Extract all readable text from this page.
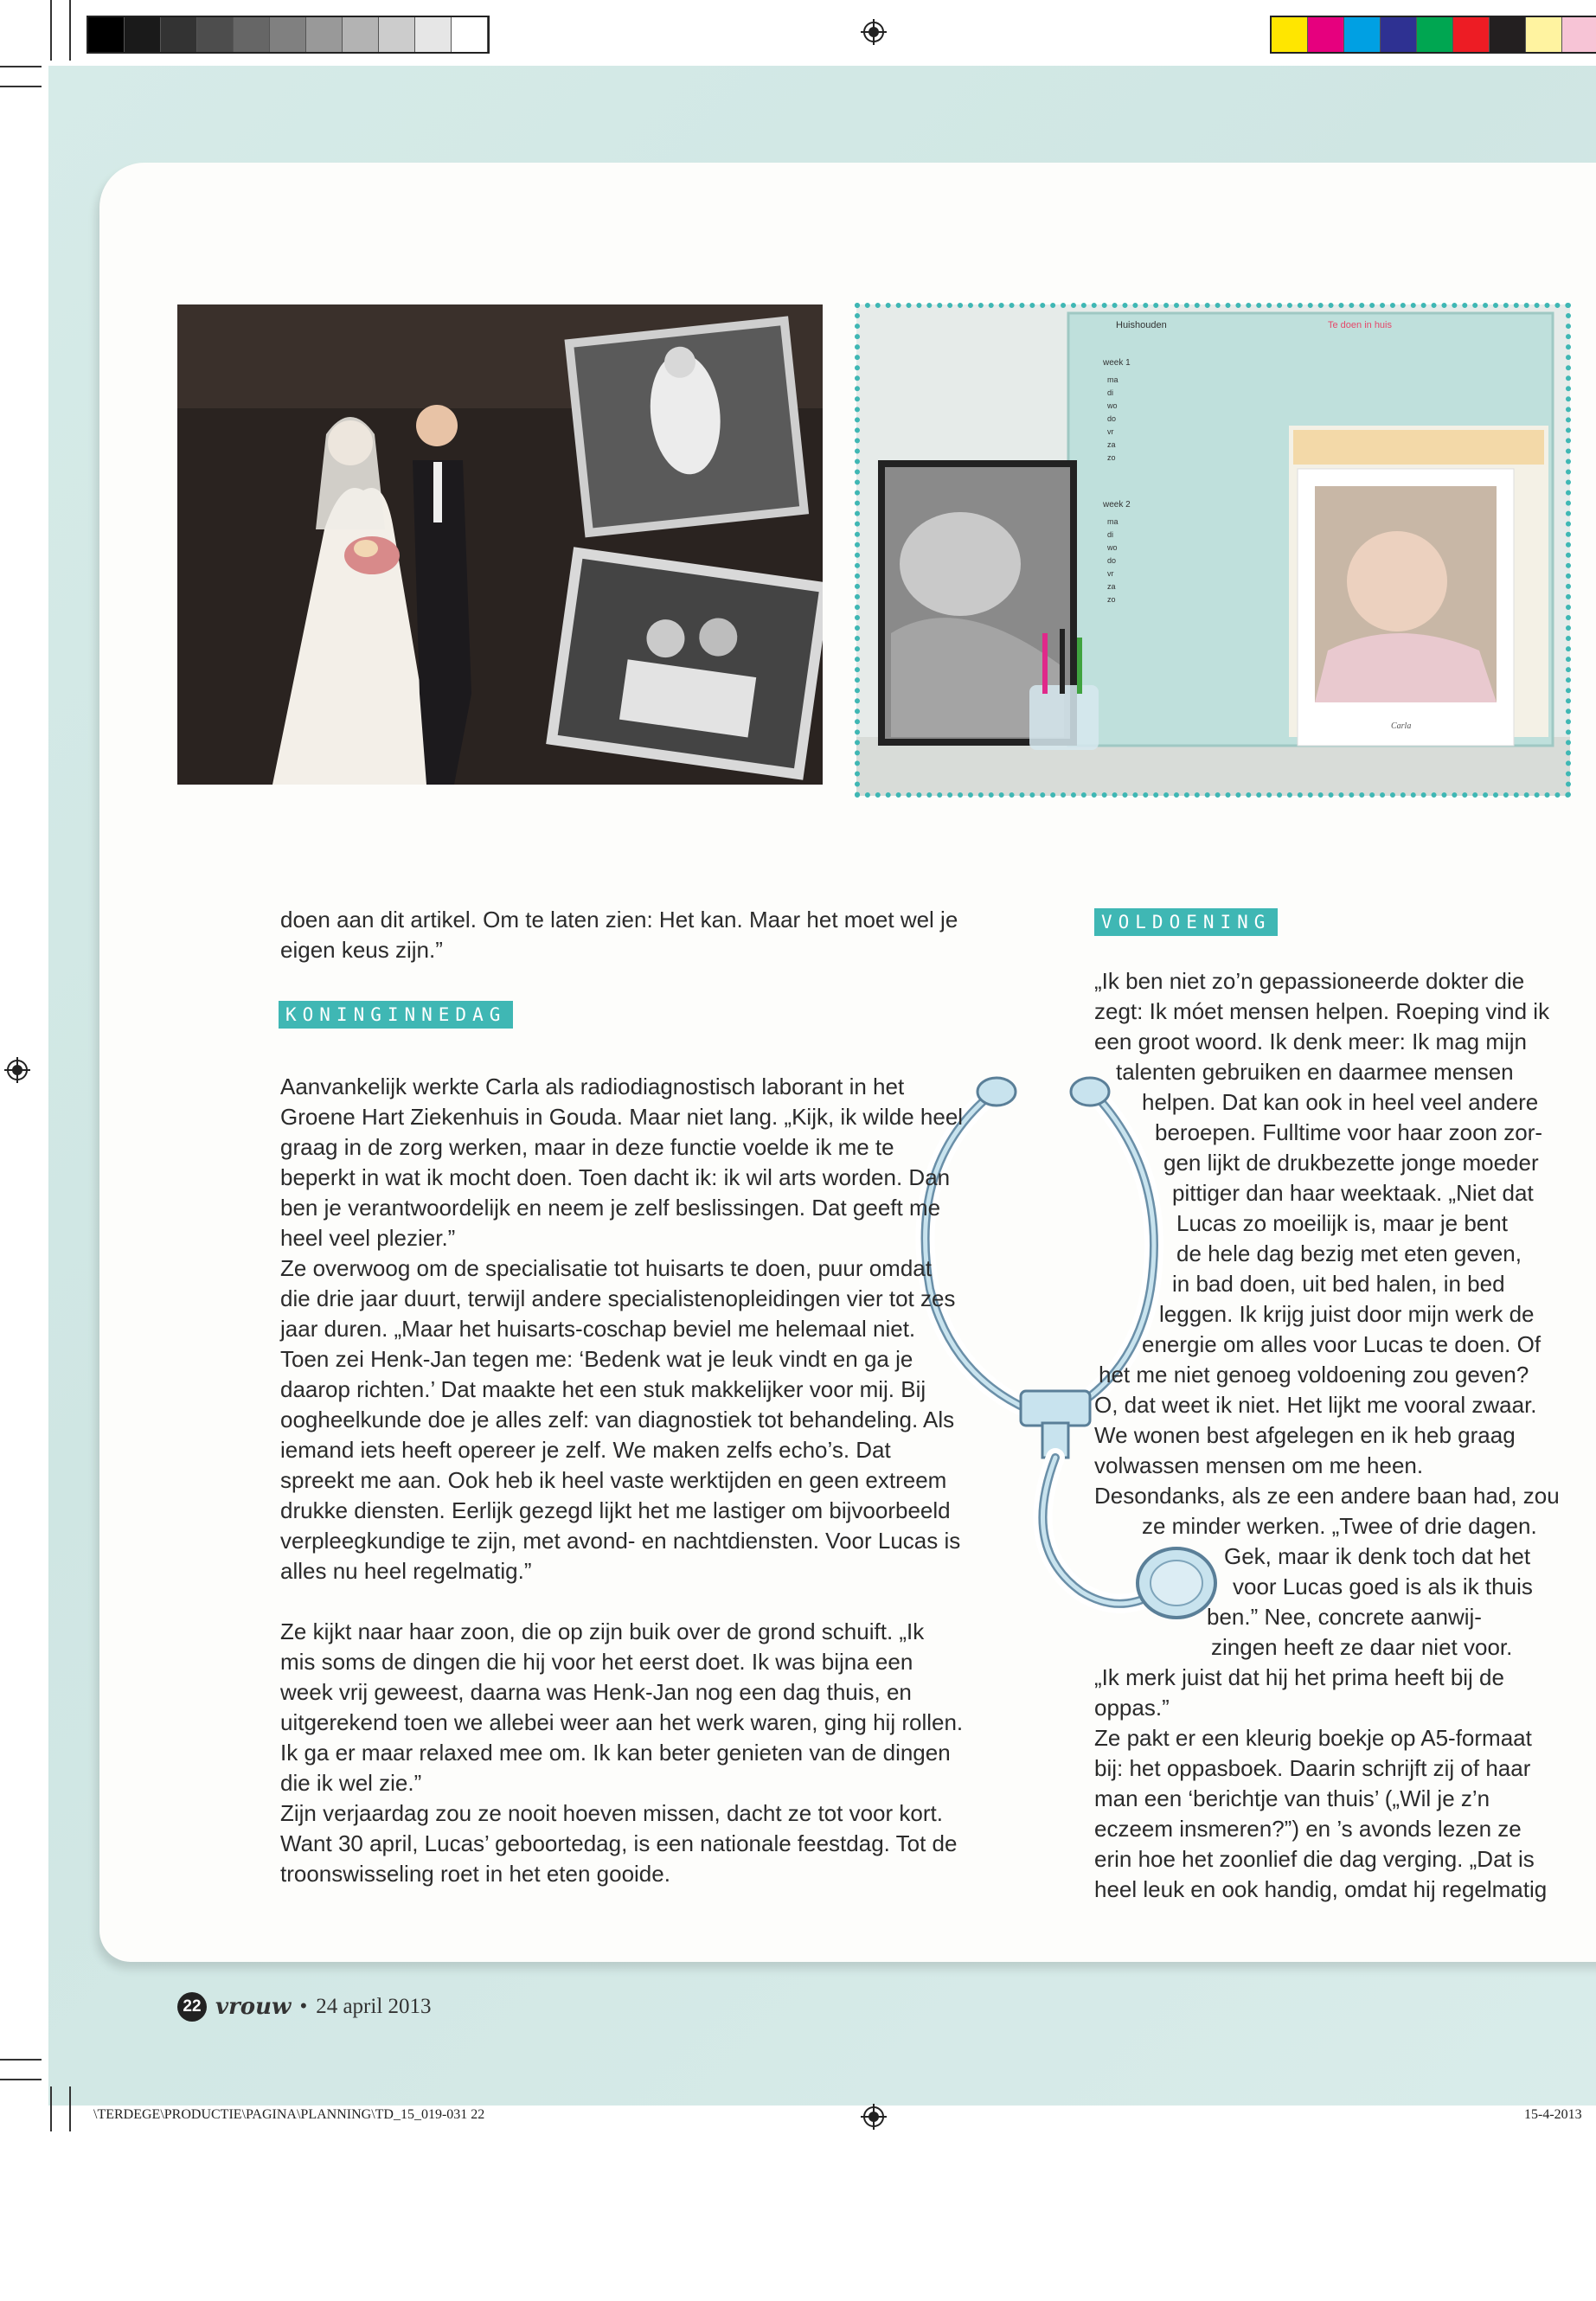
Huishouden	Te doen in huis
week 1
ma
di
wo
do
vr
za
zo
week 2
ma
di
wo
do
vr
za
zo
Carla

doen aan dit artikel. Om te laten zien: Het kan. Maar het moet wel je eigen keus zijn.”

Aanvankelijk werkte Carla als radiodiagnostisch laborant in het Groene Hart Ziekenhuis in Gouda. Maar niet lang. „Kijk, ik wilde heel graag in de zorg werken, maar in deze functie voelde ik me te beperkt in wat ik mocht doen. Toen dacht ik: ik wil arts worden. Dan ben je verantwoordelijk en neem je zelf beslissingen. Dat geeft me heel veel plezier.”

Ze overwoog om de specialisatie tot huisarts te doen, puur omdat die drie jaar duurt, terwijl andere specialistenopleidingen vier tot zes jaar duren. „Maar het huisarts-coschap beviel me helemaal niet. Toen zei Henk-Jan tegen me: ‘Bedenk wat je leuk vindt en ga je daarop richten.’ Dat maakte het een stuk makkelijker voor mij. Bij oogheelkunde doe je alles zelf: van diagnostiek tot behandeling. Als iemand iets heeft opereer je zelf. We maken zelfs echo’s. Dat spreekt me aan. Ook heb ik heel vaste werktijden en geen extreem drukke diensten. Eerlijk gezegd lijkt het me lastiger om bijvoorbeeld verpleegkundige te zijn, met avond- en nachtdiensten. Voor Lucas is alles nu heel regelmatig.”

Ze kijkt naar haar zoon, die op zijn buik over de grond schuift. „Ik mis soms de dingen die hij voor het eerst doet. Ik was bijna een week vrij geweest, daarna was Henk-Jan nog een dag thuis, en uitgerekend toen we allebei weer aan het werk waren, ging hij rollen. Ik ga er maar relaxed mee om. Ik kan beter genieten van de dingen die ik wel zie.”

Zijn verjaardag zou ze nooit hoeven missen, dacht ze tot voor kort. Want 30 april, Lucas’ geboortedag, is een nationale feestdag. Tot de troonswisseling roet in het eten gooide.

KONINGINNEDAG
VOLDOENING

„Ik ben niet zo’n gepassioneerde dokter die

zegt: Ik móet mensen helpen. Roeping vind ik

een groot woord. Ik denk meer: Ik mag mijn

talenten gebruiken en daarmee mensen

helpen. Dat kan ook in heel veel andere

beroepen. Fulltime voor haar zoon zor-

gen lijkt de drukbezette jonge moeder

pittiger dan haar weektaak. „Niet dat

Lucas zo moeilijk is, maar je bent

de hele dag bezig met eten geven,

in bad doen, uit bed halen, in bed

leggen. Ik krijg juist door mijn werk de

energie om alles voor Lucas te doen. Of

het me niet genoeg voldoening zou geven?

O, dat weet ik niet. Het lijkt me vooral zwaar.

We wonen best afgelegen en ik heb graag

volwassen mensen om me heen.

Desondanks, als ze een andere baan had, zou

ze minder werken. „Twee of drie dagen.

Gek, maar ik denk toch dat het

voor Lucas goed is als ik thuis

ben.” Nee, concrete aanwij-

zingen heeft ze daar niet voor.

„Ik merk juist dat hij het prima heeft bij de

oppas.”

Ze pakt er een kleurig boekje op A5-formaat

bij: het oppasboek. Daarin schrijft zij of haar

man een ‘berichtje van thuis’ („Wil je z’n

eczeem insmeren?”) en ’s avonds lezen ze

erin hoe het zoonlief die dag verging. „Dat is

heel leuk en ook handig, omdat hij regelmatig

22 vrouw • 24 april 2013
\TERDEGE\PRODUCTIE\PAGINA\PLANNING\TD_15_019-031 22	15-4-2013
